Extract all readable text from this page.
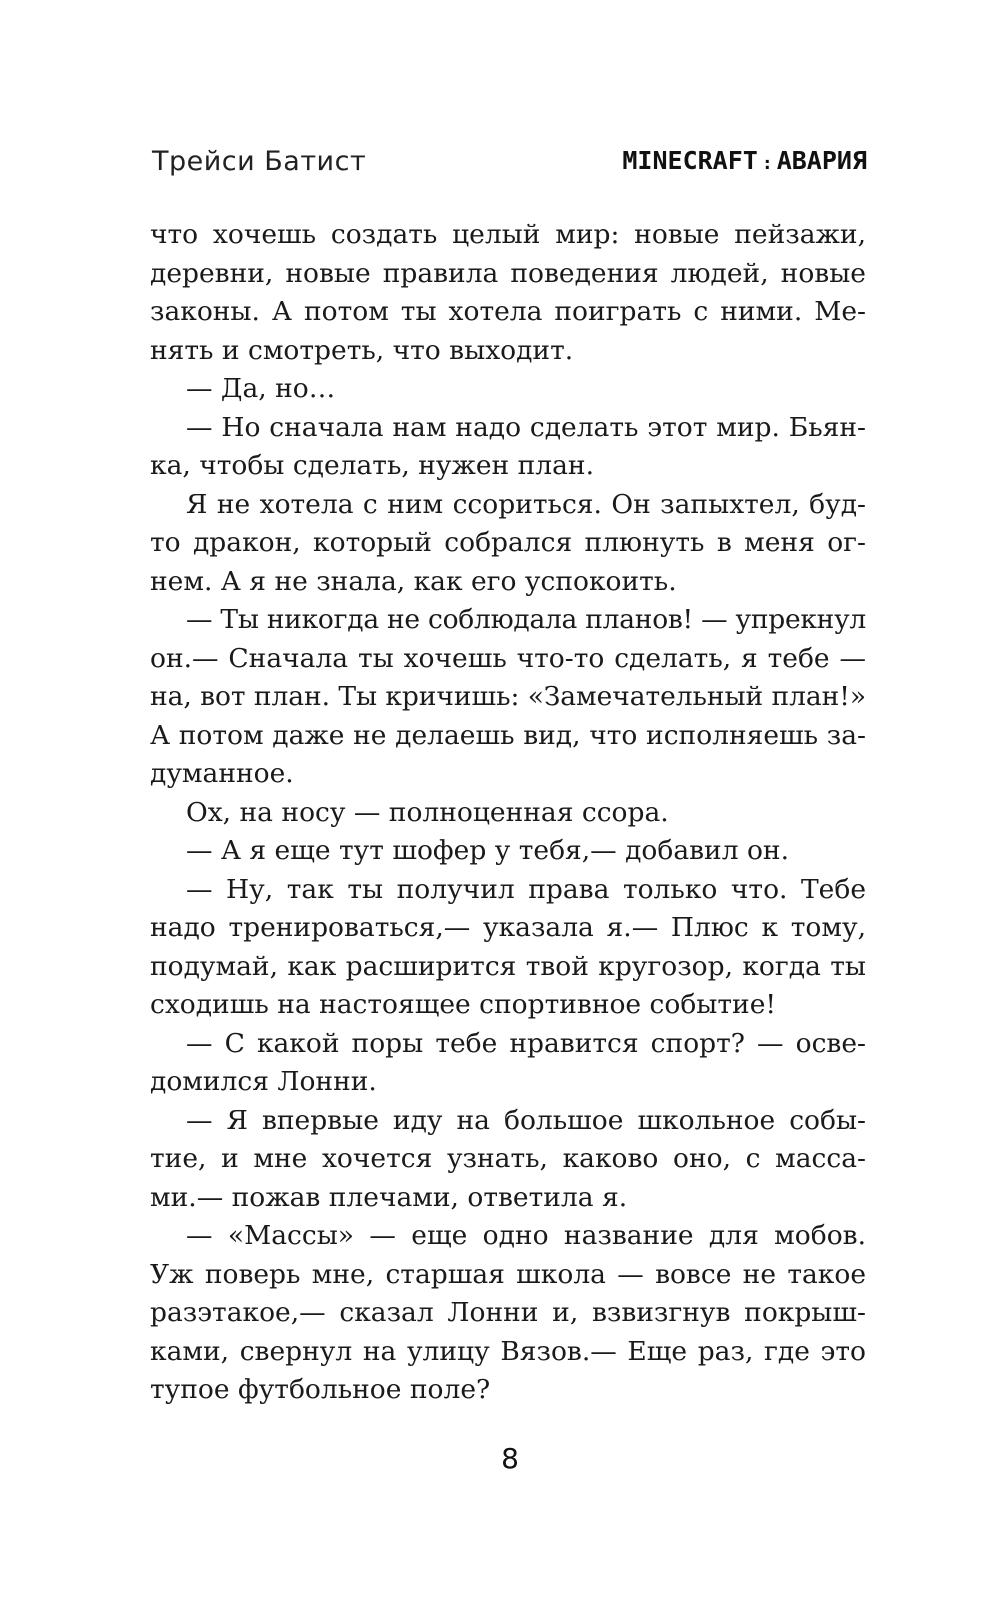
Трейси Батист	MINECRAFT : АВАРИЯ
что хочешь создать целый мир: новые пейзажи,
деревни, новые правила поведения людей, новые
законы. А потом ты хотела поиграть с ними. Ме-
нять и смотреть, что выходит.
— Да, но…
— Но сначала нам надо сделать этот мир. Бьян-
ка, чтобы сделать, нужен план.
Я не хотела с ним ссориться. Он запыхтел, буд-
то дракон, который собрался плюнуть в меня ог-
нем. А я не знала, как его успокоить.
— Ты никогда не соблюдала планов! — упрекнул
он.— Сначала ты хочешь что-то сделать, я тебе —
на, вот план. Ты кричишь: «Замечательный план!»
А потом даже не делаешь вид, что исполняешь за-
думанное.
Ох, на носу — полноценная ссора.
— А я еще тут шофер у тебя,— добавил он.
— Ну, так ты получил права только что. Тебе
надо тренироваться,— указала я.— Плюс к тому,
подумай, как расширится твой кругозор, когда ты
сходишь на настоящее спортивное событие!
— С какой поры тебе нравится спорт? — осве-
домился Лонни.
— Я впервые иду на большое школьное собы-
тие, и мне хочется узнать, каково оно, с масса-
ми.— пожав плечами, ответила я.
— «Массы» — еще одно название для мобов.
Уж поверь мне, старшая школа — вовсе не такое
разэтакое,— сказал Лонни и, взвизгнув покрыш-
ками, свернул на улицу Вязов.— Еще раз, где это
тупое футбольное поле?
8
